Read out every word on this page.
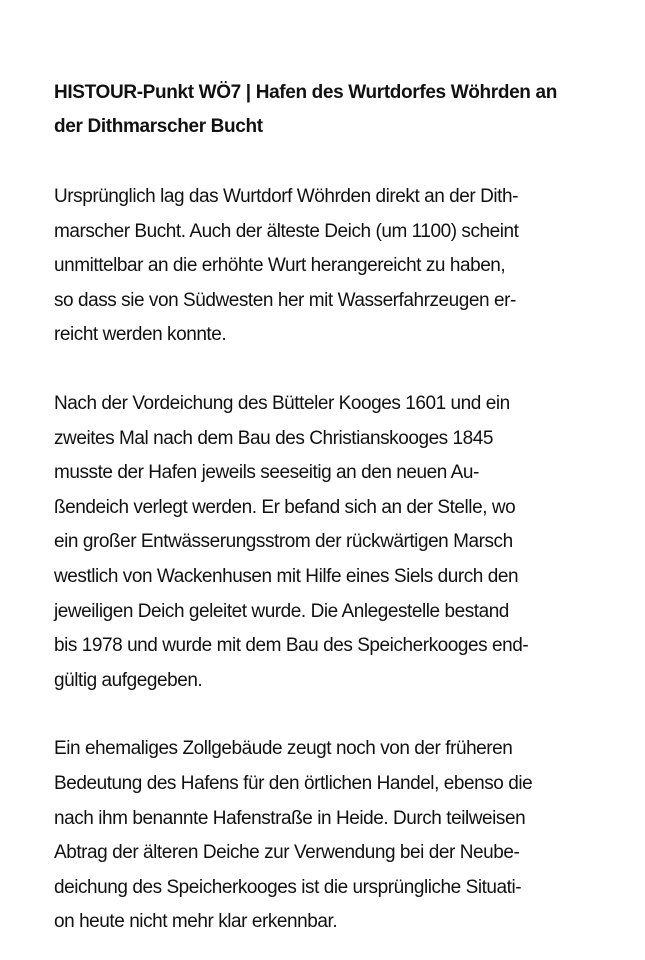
HISTOUR-Punkt WÖ7 | Hafen des Wurtdorfes Wöhrden an
der Dithmarscher Bucht

Ursprünglich lag das Wurtdorf Wöhrden direkt an der Dith-
marscher Bucht. Auch der älteste Deich (um 1100) scheint
unmittelbar an die erhöhte Wurt herangereicht zu haben,
so dass sie von Südwesten her mit Wasserfahrzeugen er-
reicht werden konnte.

Nach der Vordeichung des Bütteler Kooges 1601 und ein
zweites Mal nach dem Bau des Christianskooges 1845
musste der Hafen jeweils seeseitig an den neuen Au-
ßendeich verlegt werden. Er befand sich an der Stelle, wo
ein großer Entwässerungsstrom der rückwärtigen Marsch
westlich von Wackenhusen mit Hilfe eines Siels durch den
jeweiligen Deich geleitet wurde. Die Anlegestelle bestand
bis 1978 und wurde mit dem Bau des Speicherkooges end-
gültig aufgegeben.

Ein ehemaliges Zollgebäude zeugt noch von der früheren
Bedeutung des Hafens für den örtlichen Handel, ebenso die
nach ihm benannte Hafenstraße in Heide. Durch teilweisen
Abtrag der älteren Deiche zur Verwendung bei der Neube-
deichung des Speicherkooges ist die ursprüngliche Situati-
on heute nicht mehr klar erkennbar.
